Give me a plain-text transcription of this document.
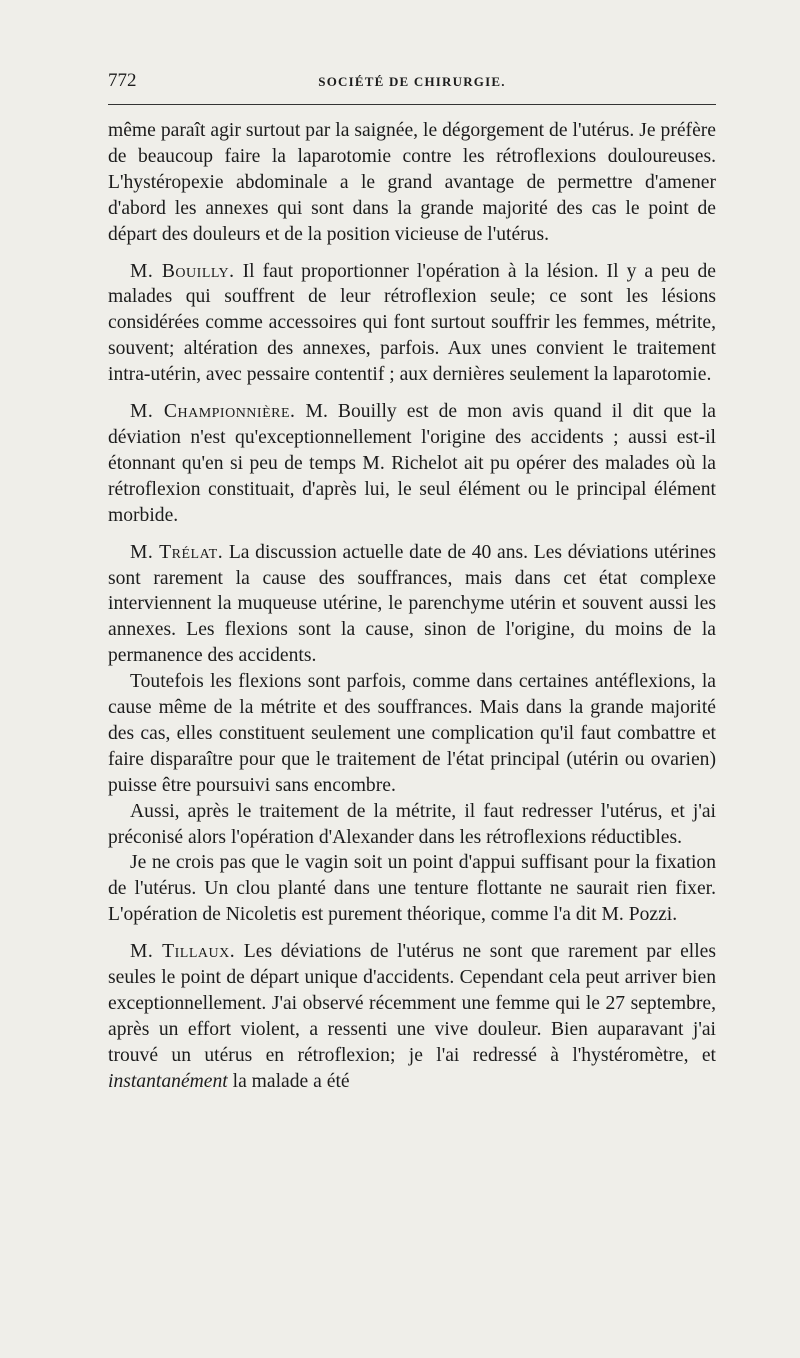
772	SOCIÉTÉ DE CHIRURGIE.

même paraît agir surtout par la saignée, le dégorgement de l'utérus. Je préfère de beaucoup faire la laparotomie contre les rétroflexions douloureuses. L'hystéropexie abdominale a le grand avantage de permettre d'amener d'abord les annexes qui sont dans la grande majorité des cas le point de départ des douleurs et de la position vicieuse de l'utérus.

M. Bouilly. Il faut proportionner l'opération à la lésion. Il y a peu de malades qui souffrent de leur rétroflexion seule; ce sont les lésions considérées comme accessoires qui font surtout souffrir les femmes, métrite, souvent; altération des annexes, parfois. Aux unes convient le traitement intra-utérin, avec pessaire contentif ; aux dernières seulement la laparotomie.

M. Championnière. M. Bouilly est de mon avis quand il dit que la déviation n'est qu'exceptionnellement l'origine des accidents ; aussi est-il étonnant qu'en si peu de temps M. Richelot ait pu opérer des malades où la rétroflexion constituait, d'après lui, le seul élément ou le principal élément morbide.

M. Trélat. La discussion actuelle date de 40 ans. Les déviations utérines sont rarement la cause des souffrances, mais dans cet état complexe interviennent la muqueuse utérine, le parenchyme utérin et souvent aussi les annexes. Les flexions sont la cause, sinon de l'origine, du moins de la permanence des accidents.

Toutefois les flexions sont parfois, comme dans certaines antéflexions, la cause même de la métrite et des souffrances. Mais dans la grande majorité des cas, elles constituent seulement une complication qu'il faut combattre et faire disparaître pour que le traitement de l'état principal (utérin ou ovarien) puisse être poursuivi sans encombre.

Aussi, après le traitement de la métrite, il faut redresser l'utérus, et j'ai préconisé alors l'opération d'Alexander dans les rétroflexions réductibles.

Je ne crois pas que le vagin soit un point d'appui suffisant pour la fixation de l'utérus. Un clou planté dans une tenture flottante ne saurait rien fixer. L'opération de Nicoletis est purement théorique, comme l'a dit M. Pozzi.

M. Tillaux. Les déviations de l'utérus ne sont que rarement par elles seules le point de départ unique d'accidents. Cependant cela peut arriver bien exceptionnellement. J'ai observé récemment une femme qui le 27 septembre, après un effort violent, a ressenti une vive douleur. Bien auparavant j'ai trouvé un utérus en rétroflexion; je l'ai redressé à l'hystéromètre, et instantanément la malade a été
